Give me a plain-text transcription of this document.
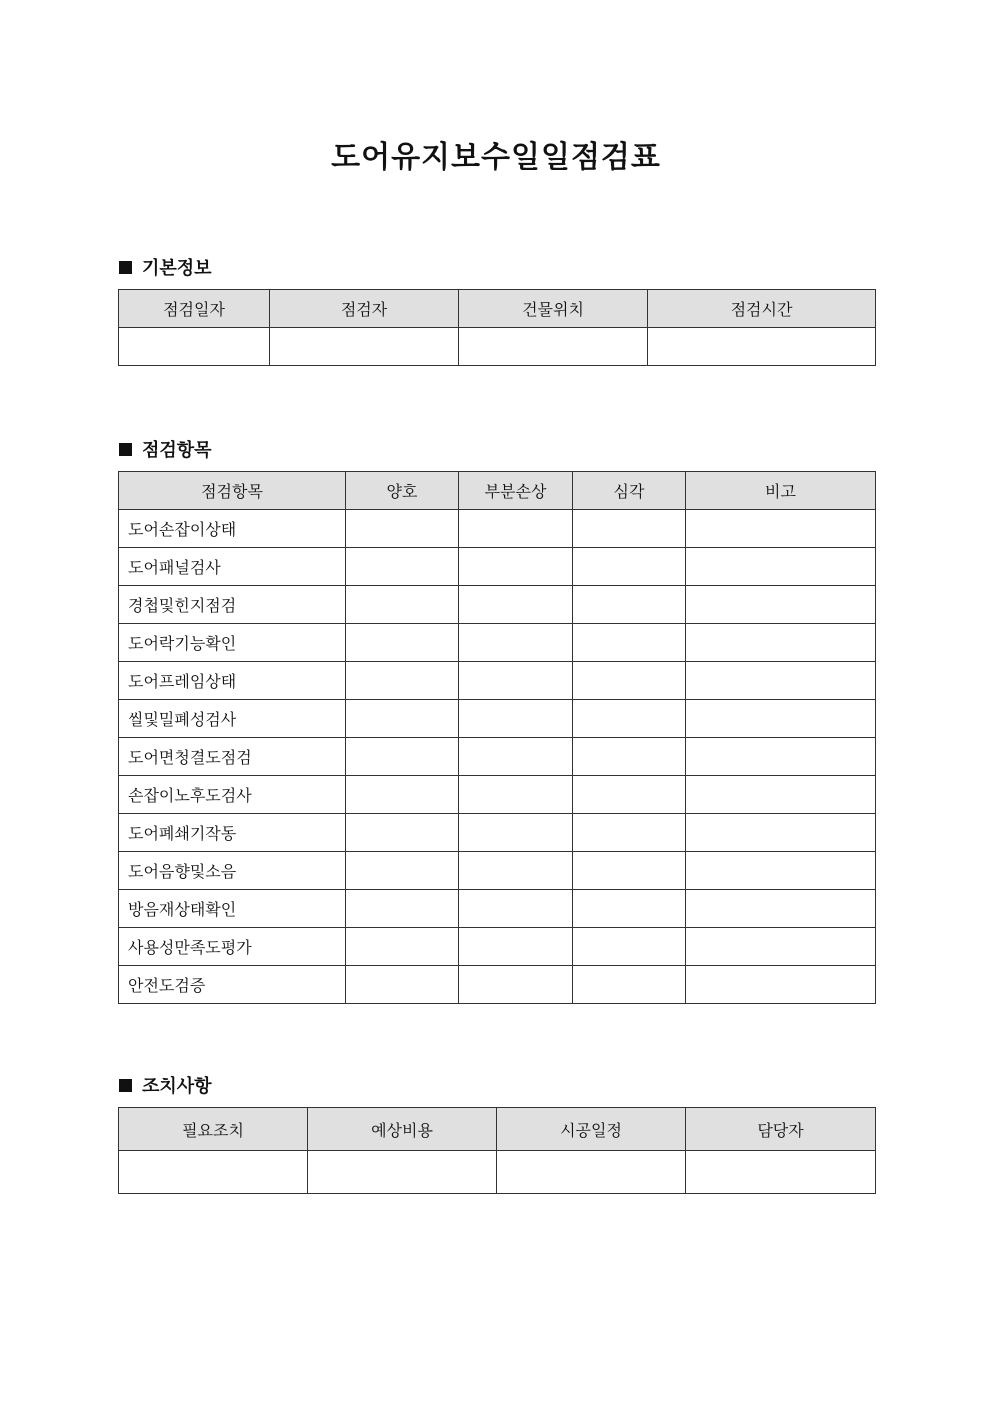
도어유지보수일일점검표
기본정보
점검일자	점검자	건물위치	점검시간

점검항목
점검항목	양호	부분손상	심각	비고
도어손잡이상태				
도어패널검사				
경첩및힌지점검				
도어락기능확인				
도어프레임상태				
씰및밀폐성검사				
도어면청결도점검				
손잡이노후도검사				
도어폐쇄기작동				
도어음향및소음				
방음재상태확인				
사용성만족도평가				
안전도검증				
조치사항
필요조치	예상비용	시공일정	담당자
